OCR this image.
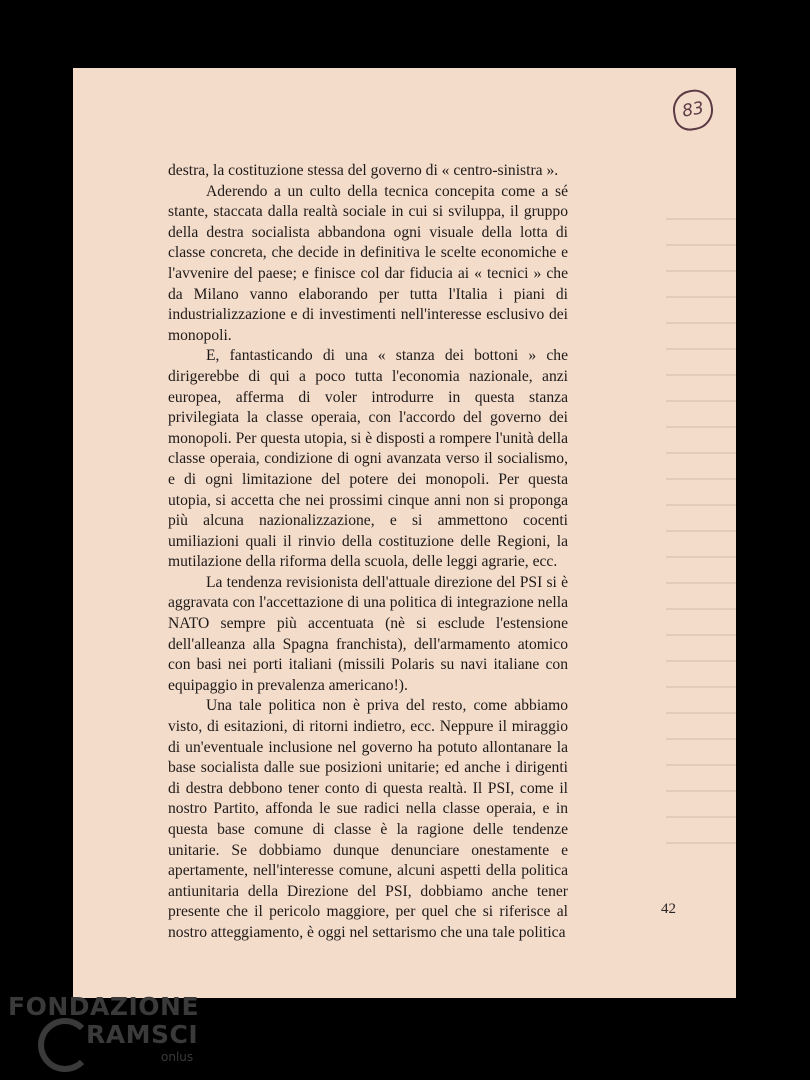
83

destra, la costituzione stessa del governo di « centro-sinistra ».

Aderendo a un culto della tecnica concepita come a sé stante, staccata dalla realtà sociale in cui si sviluppa, il gruppo della destra socialista abbandona ogni visuale della lotta di classe concreta, che decide in definitiva le scelte economiche e l'avvenire del paese; e finisce col dar fiducia ai « tecnici » che da Milano vanno elaborando per tutta l'Italia i piani di industrializzazione e di investimenti nell'interesse esclusivo dei monopoli.

E, fantasticando di una « stanza dei bottoni » che dirigerebbe di qui a poco tutta l'economia nazionale, anzi europea, afferma di voler introdurre in questa stanza privilegiata la classe operaia, con l'accordo del governo dei monopoli. Per questa utopia, si è disposti a rompere l'unità della classe operaia, condizione di ogni avanzata verso il socialismo, e di ogni limitazione del potere dei monopoli. Per questa utopia, si accetta che nei prossimi cinque anni non si proponga più alcuna nazionalizzazione, e si ammettono cocenti umiliazioni quali il rinvio della costituzione delle Regioni, la mutilazione della riforma della scuola, delle leggi agrarie, ecc.

La tendenza revisionista dell'attuale direzione del PSI si è aggravata con l'accettazione di una politica di integrazione nella NATO sempre più accentuata (nè si esclude l'estensione dell'alleanza alla Spagna franchista), dell'armamento atomico con basi nei porti italiani (missili Polaris su navi italiane con equipaggio in prevalenza americano!).

Una tale politica non è priva del resto, come abbiamo visto, di esitazioni, di ritorni indietro, ecc. Neppure il miraggio di un'eventuale inclusione nel governo ha potuto allontanare la base socialista dalle sue posizioni unitarie; ed anche i dirigenti di destra debbono tener conto di questa realtà. Il PSI, come il nostro Partito, affonda le sue radici nella classe operaia, e in questa base comune di classe è la ragione delle tendenze unitarie. Se dobbiamo dunque denunciare onestamente e apertamente, nell'interesse comune, alcuni aspetti della politica antiunitaria della Direzione del PSI, dobbiamo anche tener presente che il pericolo maggiore, per quel che si riferisce al nostro atteggiamento, è oggi nel settarismo che una tale politica

42
FONDAZIONE
RAMSCI
onlus
